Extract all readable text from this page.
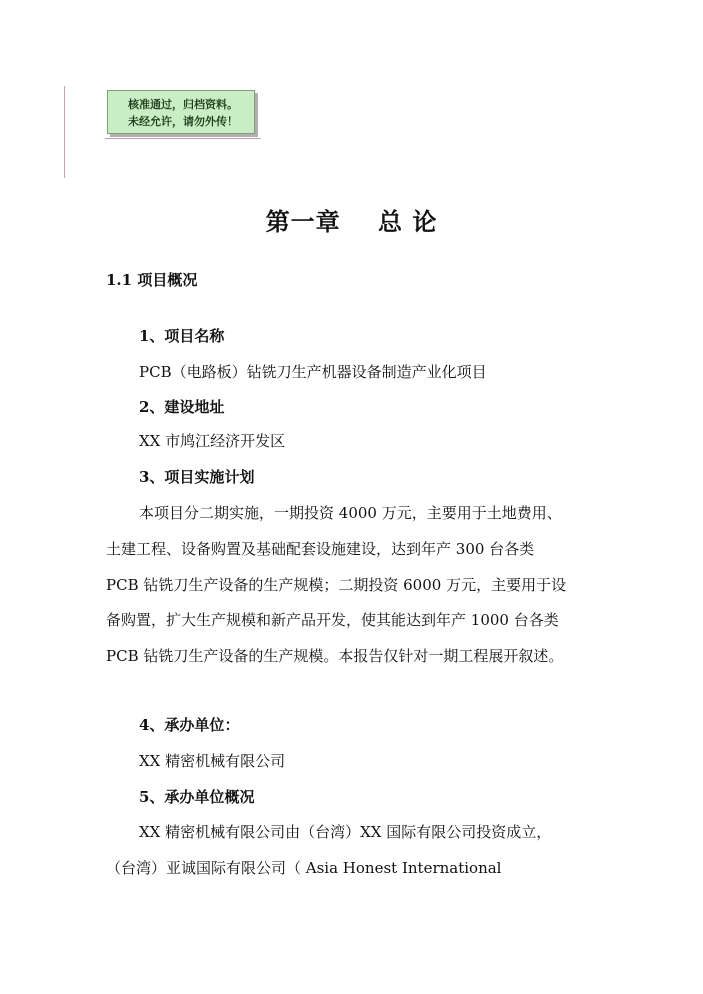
核准通过，归档资料。
未经允许，请勿外传！
第一章    总 论
1.1 项目概况
1、项目名称
PCB（电路板）钻铣刀生产机器设备制造产业化项目
2、建设地址
XX 市鸠江经济开发区
3、项目实施计划
本项目分二期实施，一期投资 4000 万元，主要用于土地费用、
土建工程、设备购置及基础配套设施建设，达到年产 300 台各类
PCB 钻铣刀生产设备的生产规模；二期投资 6000 万元，主要用于设
备购置，扩大生产规模和新产品开发，使其能达到年产 1000 台各类
PCB 钻铣刀生产设备的生产规模。本报告仅针对一期工程展开叙述。
4、承办单位：
XX 精密机械有限公司
5、承办单位概况
XX 精密机械有限公司由（台湾）XX 国际有限公司投资成立，
（台湾）亚诚国际有限公司（ Asia Honest International
